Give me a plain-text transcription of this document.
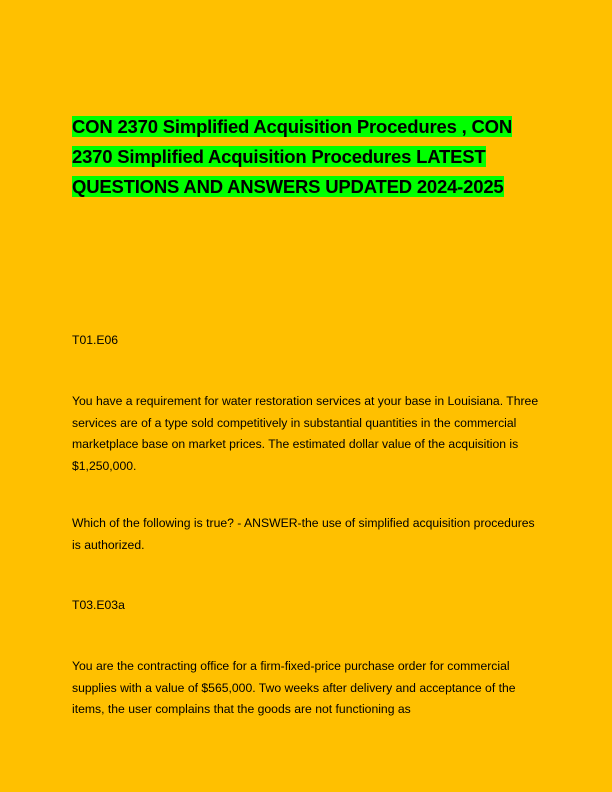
CON 2370 Simplified Acquisition Procedures , CON 2370 Simplified Acquisition Procedures LATEST QUESTIONS AND ANSWERS UPDATED 2024-2025

T01.E06

You have a requirement for water restoration services at your base in Louisiana. Three services are of a type sold competitively in substantial quantities in the commercial marketplace base on market prices. The estimated dollar value of the acquisition is $1,250,000.

Which of the following is true? - ANSWER-the use of simplified acquisition procedures is authorized.

T03.E03a

You are the contracting office for a firm-fixed-price purchase order for commercial supplies with a value of $565,000. Two weeks after delivery and acceptance of the items, the user complains that the goods are not functioning as
